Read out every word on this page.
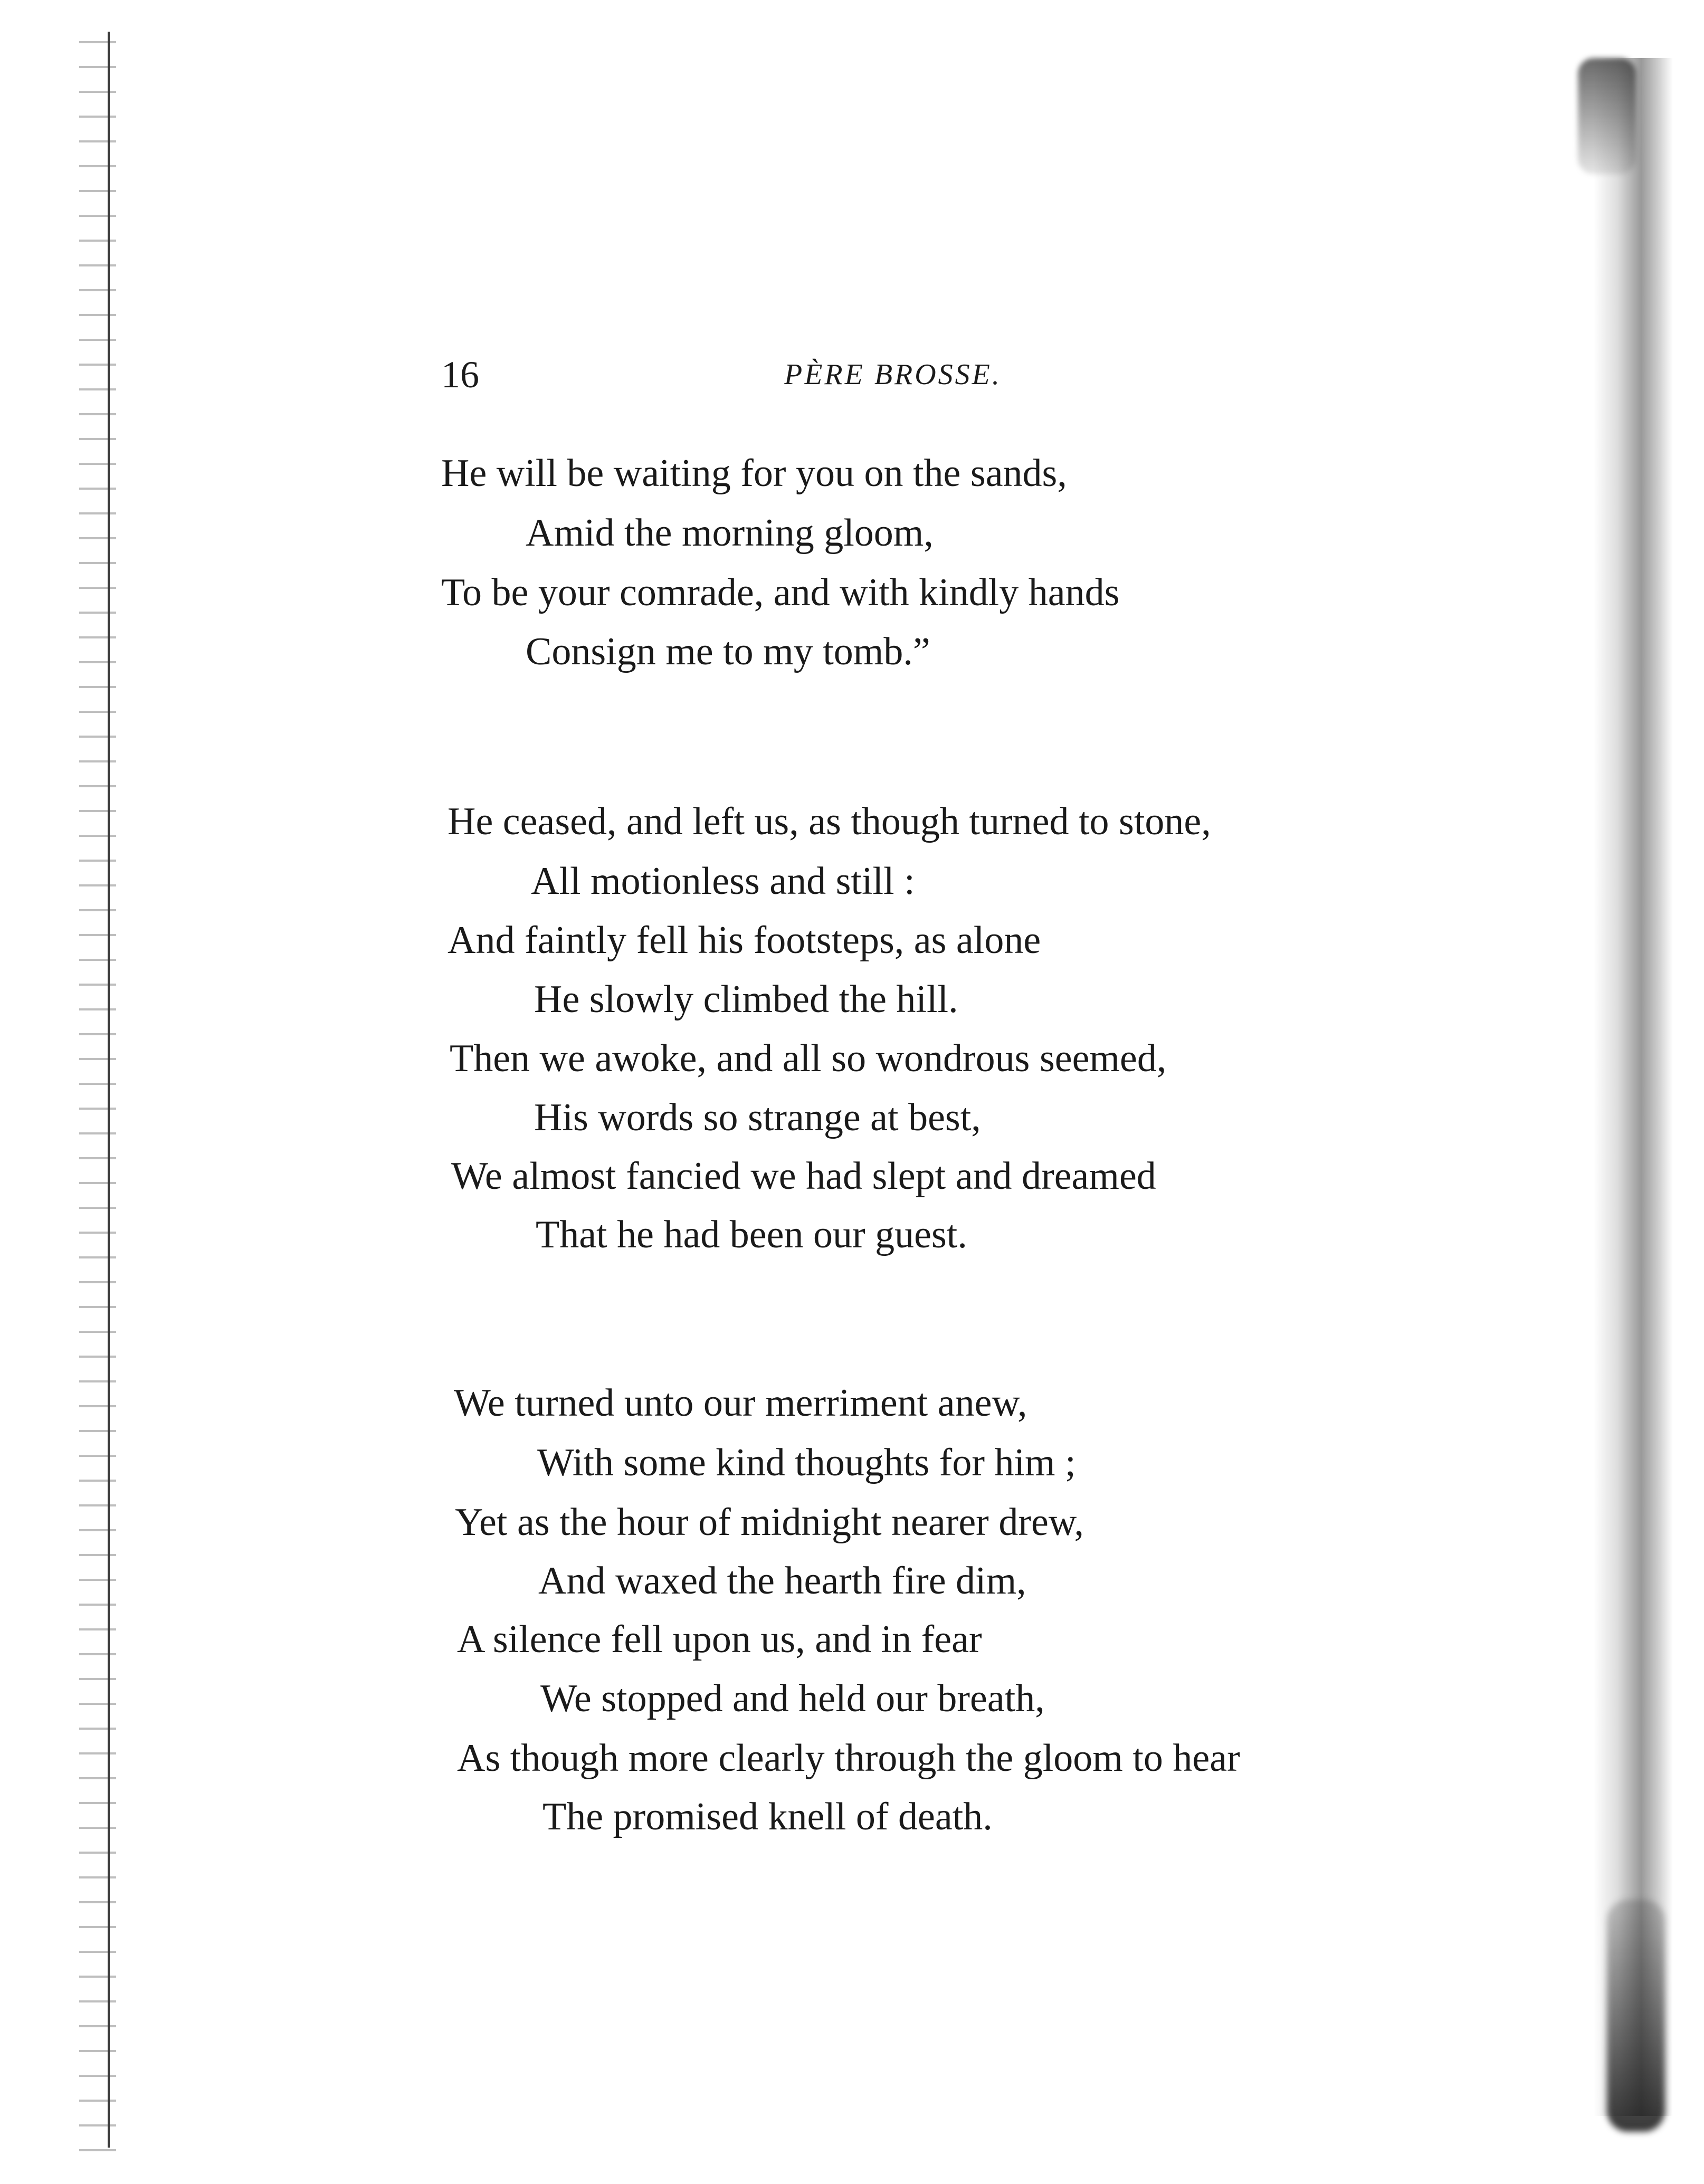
16	PÈRE BROSSE.
He will be waiting for you on the sands,
Amid the morning gloom,
To be your comrade, and with kindly hands
Consign me to my tomb.”
He ceased, and left us, as though turned to stone,
All motionless and still :
And faintly fell his footsteps, as alone
He slowly climbed the hill.
Then we awoke, and all so wondrous seemed,
His words so strange at best,
We almost fancied we had slept and dreamed
That he had been our guest.
We turned unto our merriment anew,
With some kind thoughts for him ;
Yet as the hour of midnight nearer drew,
And waxed the hearth fire dim,
A silence fell upon us, and in fear
We stopped and held our breath,
As though more clearly through the gloom to hear
The promised knell of death.
